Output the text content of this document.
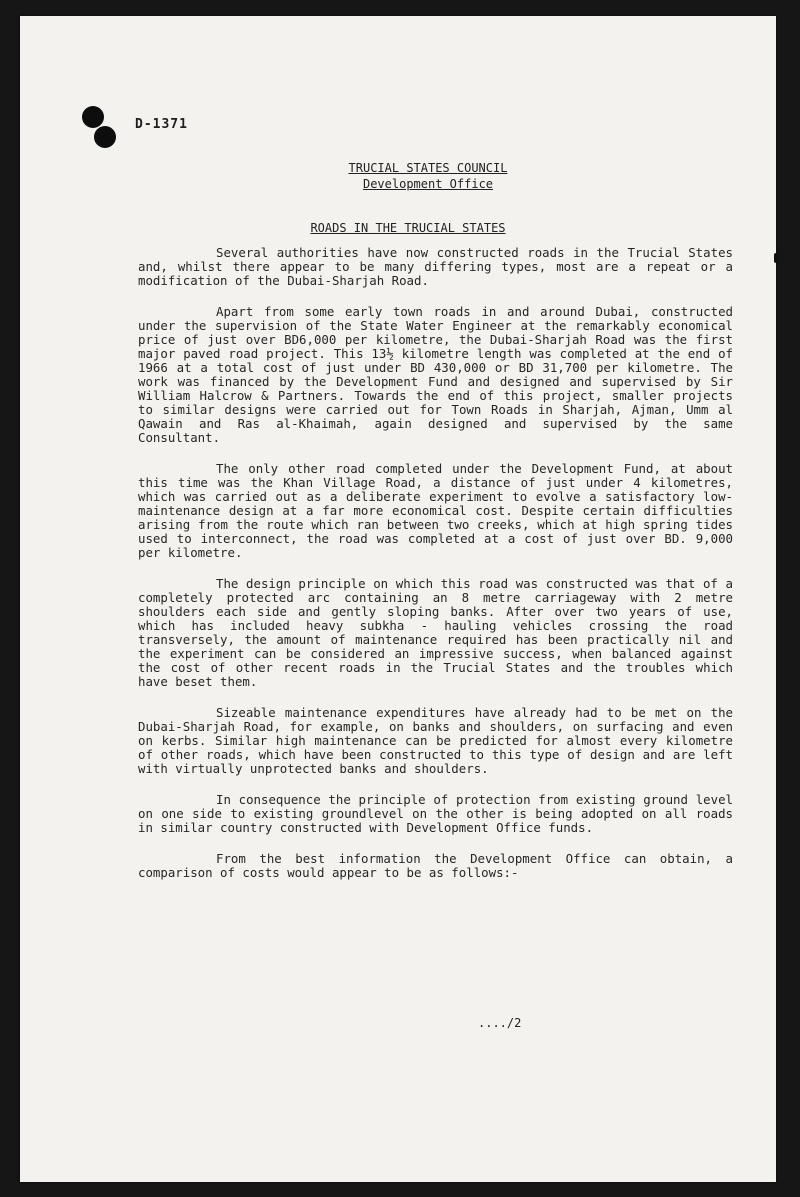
D-1371
TRUCIAL STATES COUNCIL
Development Office
ROADS IN THE TRUCIAL STATES

Several authorities have now constructed roads in the Trucial States and, whilst there appear to be many differing types, most are a repeat or a modification of the Dubai-Sharjah Road.

Apart from some early town roads in and around Dubai, constructed under the supervision of the State Water Engineer at the remarkably economical price of just over BD6,000 per kilometre, the Dubai-Sharjah Road was the first major paved road project. This 13½ kilometre length was completed at the end of 1966 at a total cost of just under BD 430,000 or BD 31,700 per kilometre. The work was financed by the Development Fund and designed and supervised by Sir William Halcrow & Partners. Towards the end of this project, smaller projects to similar designs were carried out for Town Roads in Sharjah, Ajman, Umm al Qawain and Ras al-Khaimah, again designed and supervised by the same Consultant.

The only other road completed under the Development Fund, at about this time was the Khan Village Road, a distance of just under 4 kilometres, which was carried out as a deliberate experiment to evolve a satisfactory low-maintenance design at a far more economical cost. Despite certain difficulties arising from the route which ran between two creeks, which at high spring tides used to interconnect, the road was completed at a cost of just over BD. 9,000 per kilometre.

The design principle on which this road was constructed was that of a completely protected arc containing an 8 metre carriageway with 2 metre shoulders each side and gently sloping banks. After over two years of use, which has included heavy subkha - hauling vehicles crossing the road transversely, the amount of maintenance required has been practically nil and the experiment can be considered an impressive success, when balanced against the cost of other recent roads in the Trucial States and the troubles which have beset them.

Sizeable maintenance expenditures have already had to be met on the Dubai-Sharjah Road, for example, on banks and shoulders, on surfacing and even on kerbs. Similar high maintenance can be predicted for almost every kilometre of other roads, which have been constructed to this type of design and are left with virtually unprotected banks and shoulders.

In consequence the principle of protection from existing ground level on one side to existing groundlevel on the other is being adopted on all roads in similar country constructed with Development Office funds.

From the best information the Development Office can obtain, a comparison of costs would appear to be as follows:-

..../2
